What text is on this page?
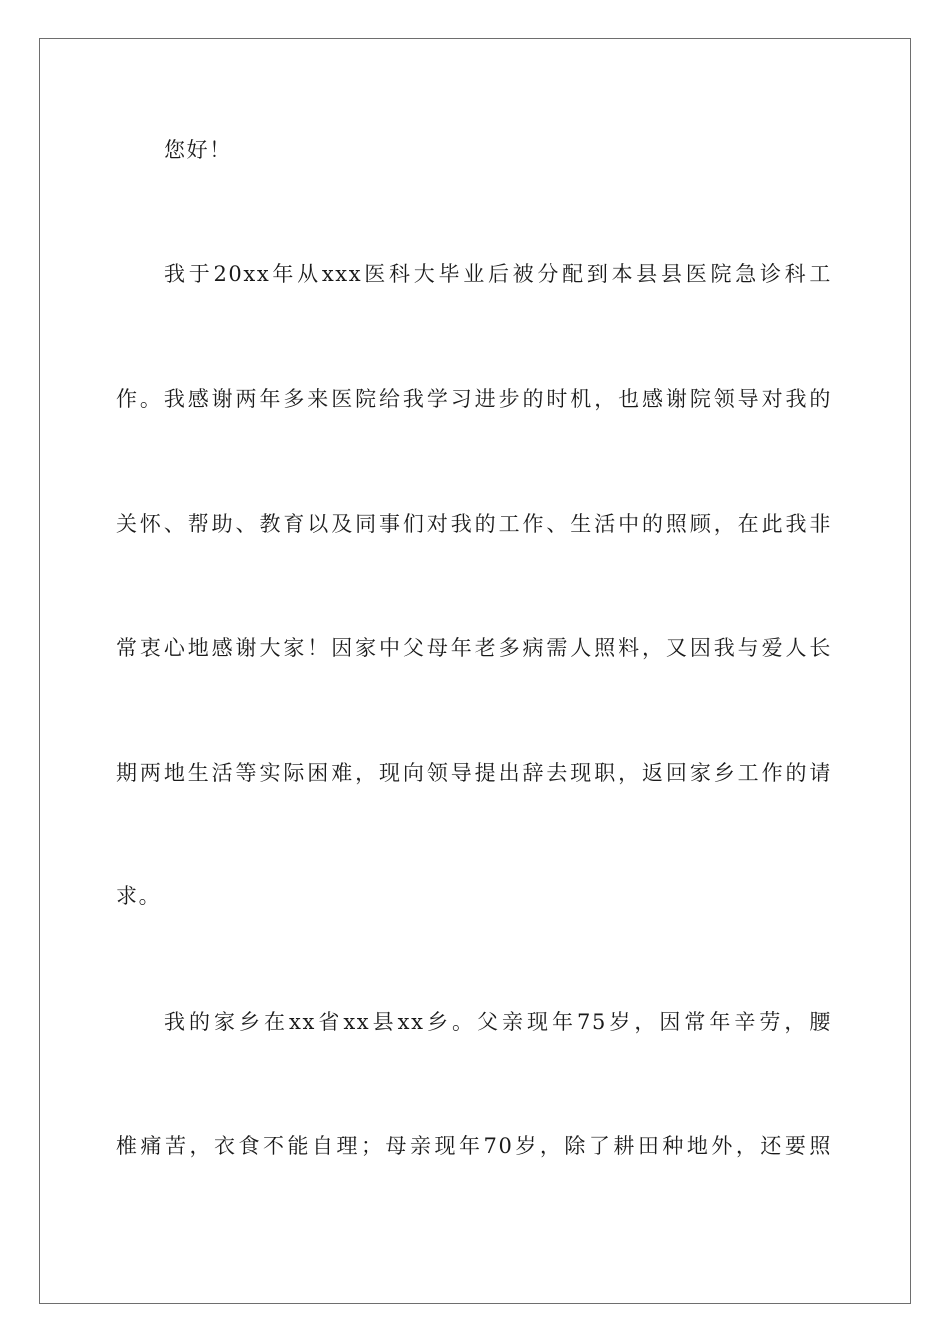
您好！
我于20xx年从xxx医科大毕业后被分配到本县县医院急诊科工
作。我感谢两年多来医院给我学习进步的时机，也感谢院领导对我的
关怀、帮助、教育以及同事们对我的工作、生活中的照顾，在此我非
常衷心地感谢大家！因家中父母年老多病需人照料，又因我与爱人长
期两地生活等实际困难，现向领导提出辞去现职，返回家乡工作的请
求。
我的家乡在xx省xx县xx乡。父亲现年75岁，因常年辛劳，腰
椎痛苦，衣食不能自理；母亲现年70岁，除了耕田种地外，还要照
